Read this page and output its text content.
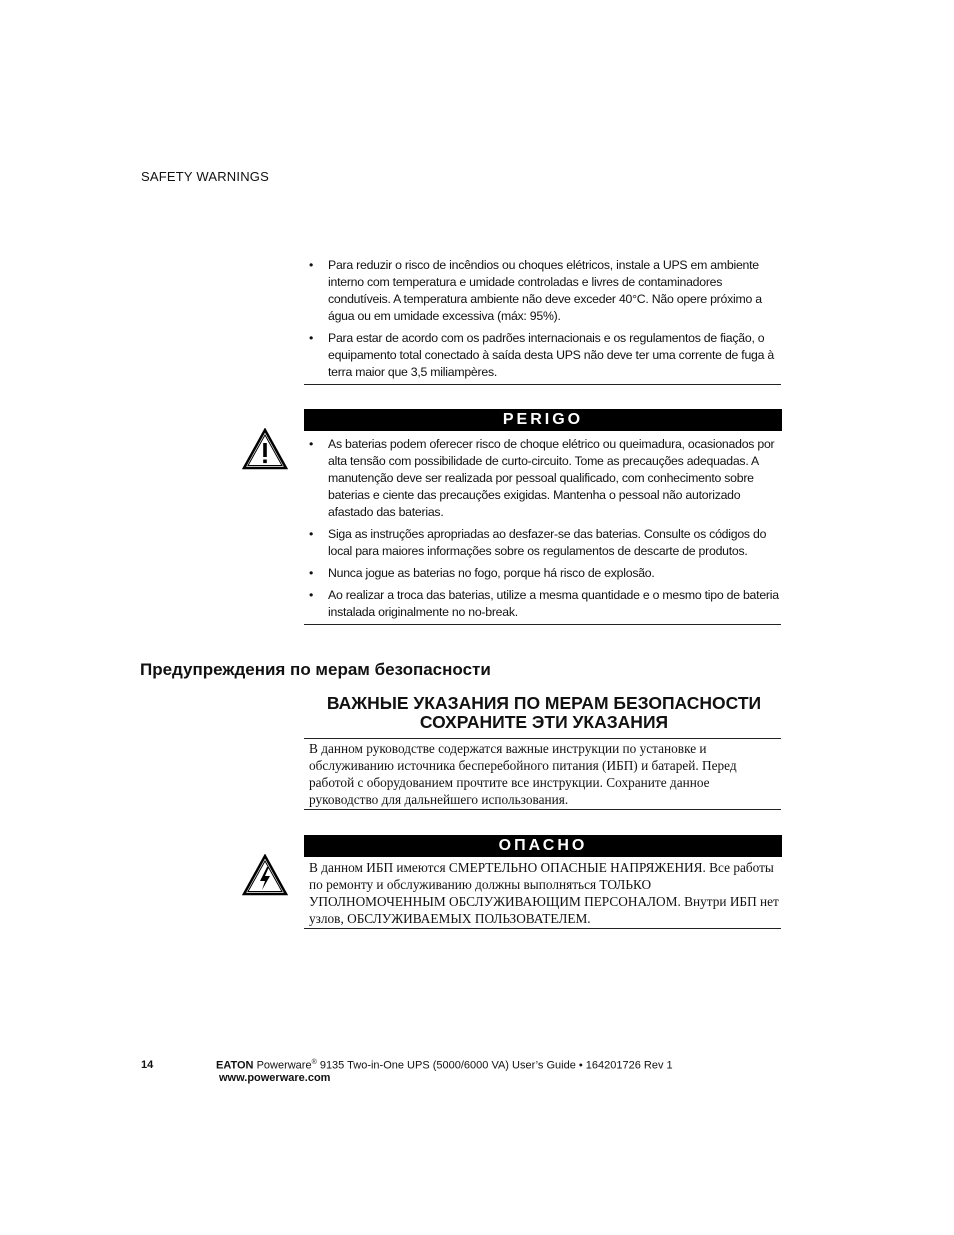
SAFETY WARNINGS
• Para reduzir o risco de incêndios ou choques elétricos, instale a UPS em ambiente interno com temperatura e umidade controladas e livres de contaminadores condutíveis. A temperatura ambiente não deve exceder 40°C. Não opere próximo a água ou em umidade excessiva (máx: 95%).
• Para estar de acordo com os padrões internacionais e os regulamentos de fiação, o equipamento total conectado à saída desta UPS não deve ter uma corrente de fuga à terra maior que 3,5 miliampères.
PERIGO
• As baterias podem oferecer risco de choque elétrico ou queimadura, ocasionados por alta tensão com possibilidade de curto-circuito. Tome as precauções adequadas. A manutenção deve ser realizada por pessoal qualificado, com conhecimento sobre baterias e ciente das precauções exigidas. Mantenha o pessoal não autorizado afastado das baterias.
• Siga as instruções apropriadas ao desfazer-se das baterias. Consulte os códigos do local para maiores informações sobre os regulamentos de descarte de produtos.
• Nunca jogue as baterias no fogo, porque há risco de explosão.
• Ao realizar a troca das baterias, utilize a mesma quantidade e o mesmo tipo de bateria instalada originalmente no no-break.
Предупреждения по мерам безопасности
ВАЖНЫЕ УКАЗАНИЯ ПО МЕРАМ БЕЗОПАСНОСТИ
СОХРАНИТЕ ЭТИ УКАЗАНИЯ
В данном руководстве содержатся важные инструкции по установке и обслуживанию источника бесперебойного питания (ИБП) и батарей. Перед работой с оборудованием прочтите все инструкции. Сохраните данное руководство для дальнейшего использования.
ОПАСНО
В данном ИБП имеются СМЕРТЕЛЬНО ОПАСНЫЕ НАПРЯЖЕНИЯ. Все работы по ремонту и обслуживанию должны выполняться ТОЛЬКО УПОЛНОМОЧЕННЫМ ОБСЛУЖИВАЮЩИМ ПЕРСОНАЛОМ. Внутри ИБП нет узлов, ОБСЛУЖИВАЕМЫХ ПОЛЬЗОВАТЕЛЕМ.
14	EATON Powerware® 9135 Two-in-One UPS (5000/6000 VA) User’s Guide • 164201726 Rev 1
www.powerware.com
